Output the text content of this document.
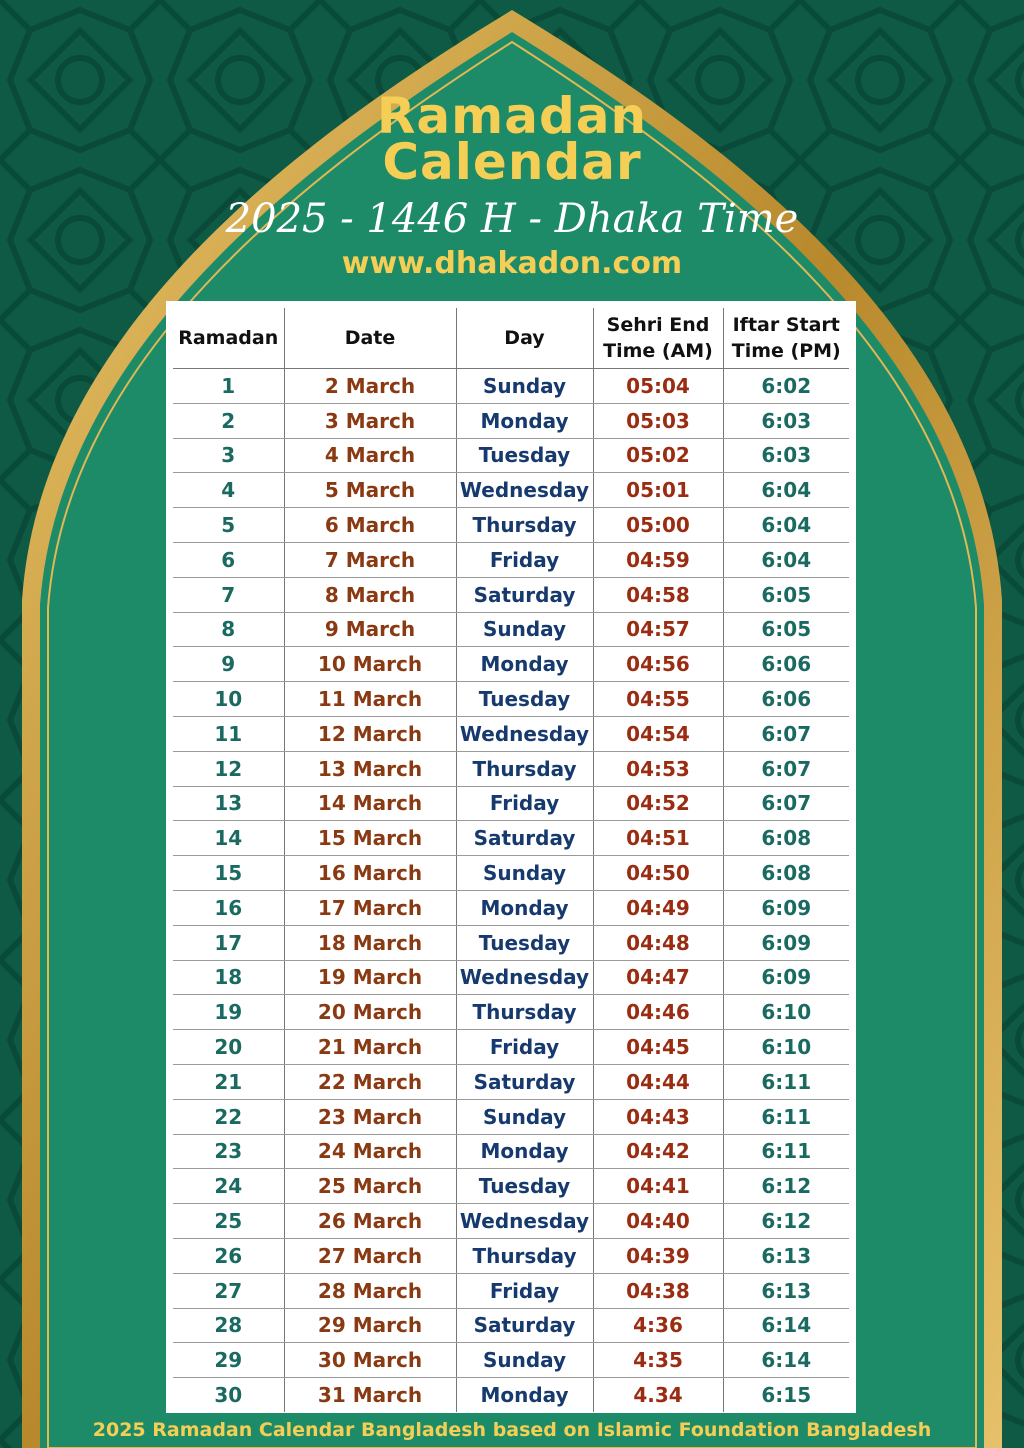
Ramadan
Calendar
2025 - 1446 H - Dhaka Time
www.dhakadon.com
Ramadan	Date	Day	Sehri End Time (AM)	Iftar Start Time (PM)
1	2 March	Sunday	05:04	6:02
2	3 March	Monday	05:03	6:03
3	4 March	Tuesday	05:02	6:03
4	5 March	Wednesday	05:01	6:04
5	6 March	Thursday	05:00	6:04
6	7 March	Friday	04:59	6:04
7	8 March	Saturday	04:58	6:05
8	9 March	Sunday	04:57	6:05
9	10 March	Monday	04:56	6:06
10	11 March	Tuesday	04:55	6:06
11	12 March	Wednesday	04:54	6:07
12	13 March	Thursday	04:53	6:07
13	14 March	Friday	04:52	6:07
14	15 March	Saturday	04:51	6:08
15	16 March	Sunday	04:50	6:08
16	17 March	Monday	04:49	6:09
17	18 March	Tuesday	04:48	6:09
18	19 March	Wednesday	04:47	6:09
19	20 March	Thursday	04:46	6:10
20	21 March	Friday	04:45	6:10
21	22 March	Saturday	04:44	6:11
22	23 March	Sunday	04:43	6:11
23	24 March	Monday	04:42	6:11
24	25 March	Tuesday	04:41	6:12
25	26 March	Wednesday	04:40	6:12
26	27 March	Thursday	04:39	6:13
27	28 March	Friday	04:38	6:13
28	29 March	Saturday	4:36	6:14
29	30 March	Sunday	4:35	6:14
30	31 March	Monday	4.34	6:15
2025 Ramadan Calendar Bangladesh based on Islamic Foundation Bangladesh
